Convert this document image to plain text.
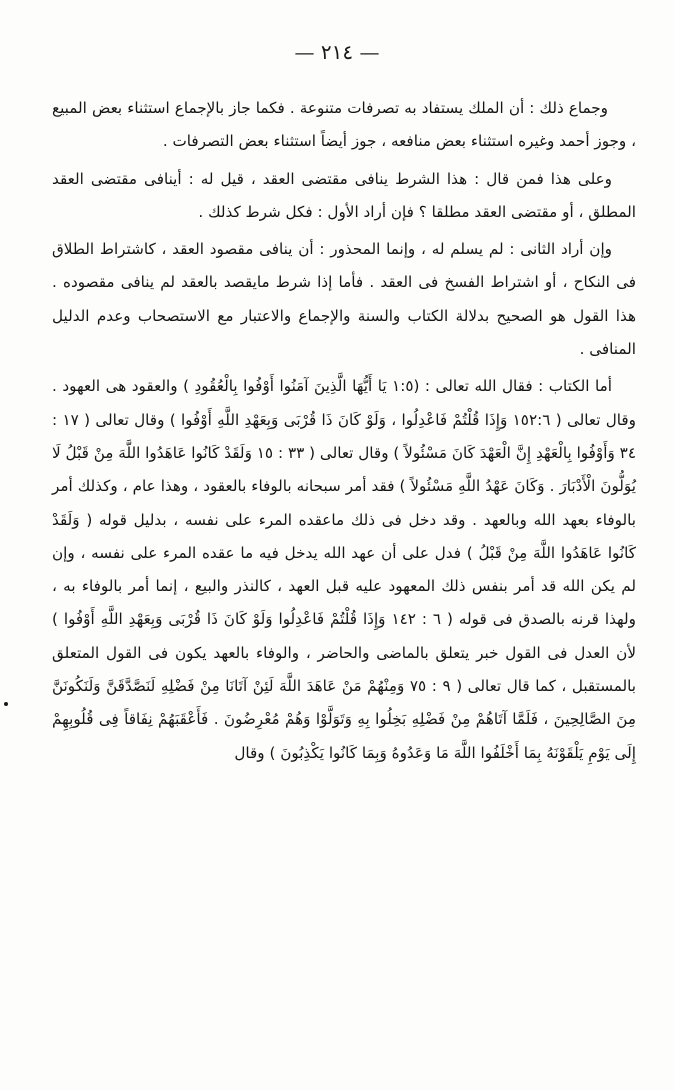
— ٢١٤ —

وجماع ذلك : أن الملك يستفاد به تصرفات متنوعة . فكما جاز بالإجماع استثناء بعض المبيع ، وجوز أحمد وغيره استثناء بعض منافعه ، جوز أيضاً استثناء بعض التصرفات .

وعلى هذا فمن قال : هذا الشرط ينافى مقتضى العقد ، قيل له : أينافى مقتضى العقد المطلق ، أو مقتضى العقد مطلقا ؟ فإن أراد الأول : فكل شرط كذلك .

وإن أراد الثانى : لم يسلم له ، وإنما المحذور : أن ينافى مقصود العقد ، كاشتراط الطلاق فى النكاح ، أو اشتراط الفسخ فى العقد . فأما إذا شرط مايقصد بالعقد لم ينافى مقصوده . هذا القول هو الصحيح بدلالة الكتاب والسنة والإجماع والاعتبار مع الاستصحاب وعدم الدليل المنافى .

أما الكتاب : فقال الله تعالى : (١:٥ يَا أَيُّهَا الَّذِينَ آمَنُوا أَوْفُوا بِالْعُقُودِ ) والعقود هى العهود . وقال تعالى ( ١٥٢:٦ وَإِذَا قُلْتُمْ فَاعْدِلُوا ، وَلَوْ كَانَ ذَا قُرْبَى وَبِعَهْدِ اللَّهِ أَوْفُوا ) وقال تعالى ( ١٧ : ٣٤ وَأَوْفُوا بِالْعَهْدِ إِنَّ الْعَهْدَ كَانَ مَسْئُولاً ) وقال تعالى ( ٣٣ : ١٥ وَلَقَدْ كَانُوا عَاهَدُوا اللَّهَ مِنْ قَبْلُ لَا يُوَلُّونَ الْأَدْبَارَ . وَكَانَ عَهْدُ اللَّهِ مَسْئُولاً ) فقد أمر سبحانه بالوفاء بالعقود ، وهذا عام ، وكذلك أمر بالوفاء بعهد الله وبالعهد . وقد دخل فى ذلك ماعقده المرء على نفسه ، بدليل قوله ( وَلَقَدْ كَانُوا عَاهَدُوا اللَّهَ مِنْ قَبْلُ ) فدل على أن عهد الله يدخل فيه ما عقده المرء على نفسه ، وإن لم يكن الله قد أمر بنفس ذلك المعهود عليه قبل العهد ، كالنذر والبيع ، إنما أمر بالوفاء به ، ولهذا قرنه بالصدق فى قوله ( ٦ : ١٤٢ وَإِذَا قُلْتُمْ فَاعْدِلُوا وَلَوْ كَانَ ذَا قُرْبَى وَبِعَهْدِ اللَّهِ أَوْفُوا ) لأن العدل فى القول خبر يتعلق بالماضى والحاضر ، والوفاء بالعهد يكون فى القول المتعلق بالمستقبل ، كما قال تعالى ( ٩ : ٧٥ وَمِنْهُمْ مَنْ عَاهَدَ اللَّهَ لَئِنْ آتَانَا مِنْ فَضْلِهِ لَنَصَّدَّقَنَّ وَلَنَكُونَنَّ مِنَ الصَّالِحِينَ ، فَلَمَّا آتَاهُمْ مِنْ فَضْلِهِ بَخِلُوا بِهِ وَتَوَلَّوْا وَهُمْ مُعْرِضُونَ . فَأَعْقَبَهُمْ نِفَاقاً فِى قُلُوبِهِمْ إِلَى يَوْمِ يَلْقَوْنَهُ بِمَا أَخْلَفُوا اللَّهَ مَا وَعَدُوهُ وَبِمَا كَانُوا يَكْذِبُونَ ) وقال
